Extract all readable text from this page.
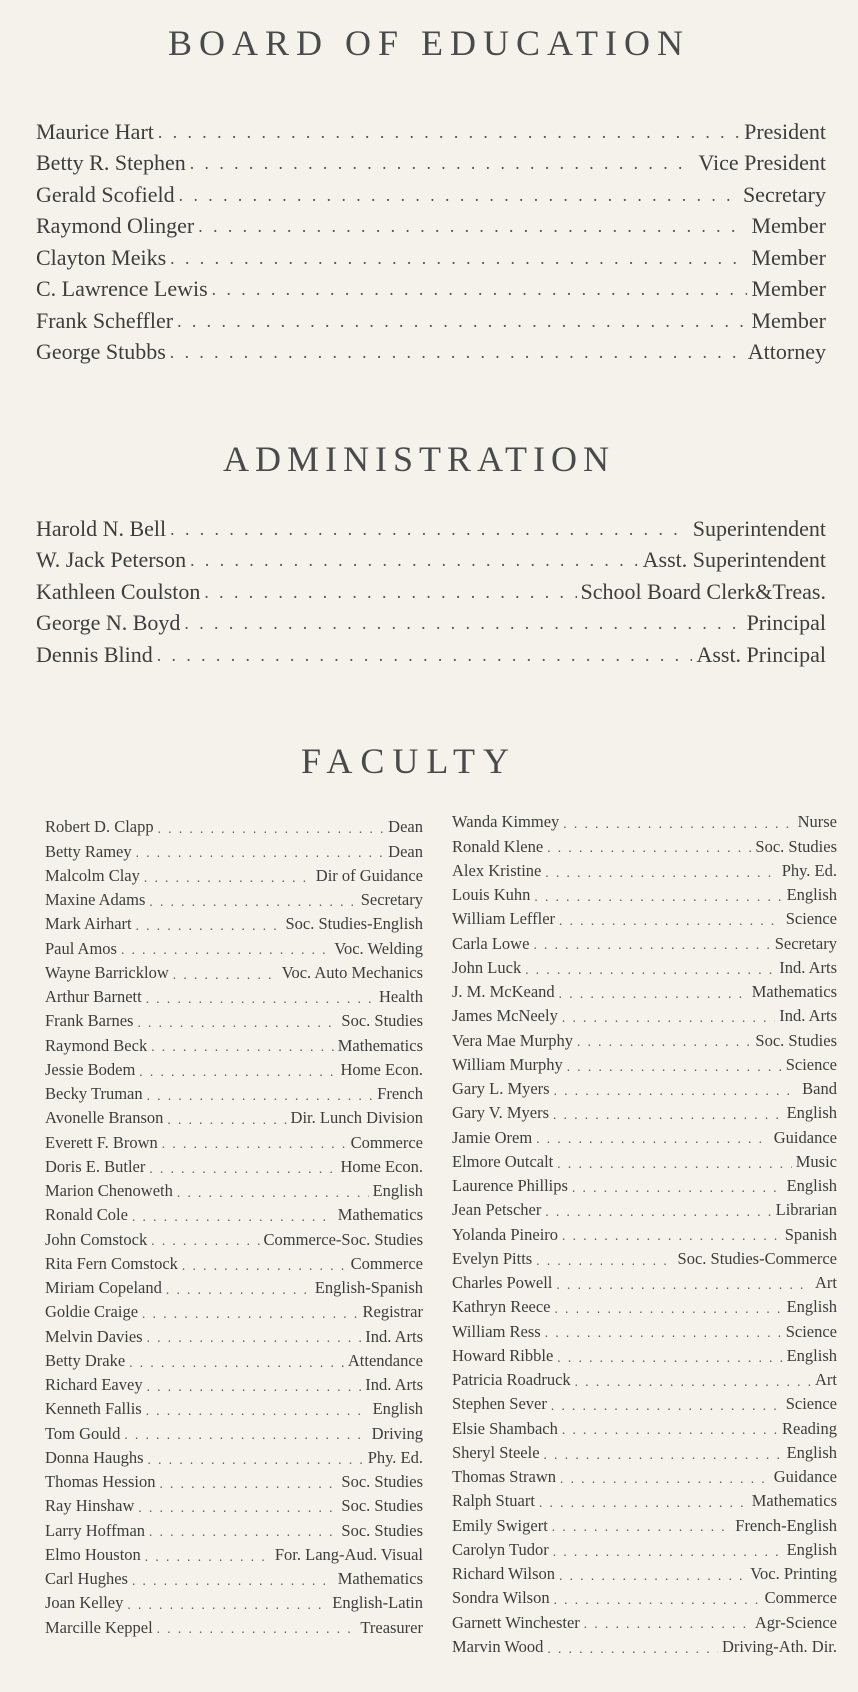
BOARD OF EDUCATION
Maurice Hart . . .	President
Betty R. Stephen . . .	Vice President
Gerald Scofield . . .	Secretary
Raymond Olinger . . .	Member
Clayton Meiks . . .	Member
C. Lawrence Lewis . . .	Member
Frank Scheffler . . .	Member
George Stubbs . . .	Attorney
ADMINISTRATION
Harold N. Bell . . .	Superintendent
W. Jack Peterson . . .	Asst. Superintendent
Kathleen Coulston . . .	School Board Clerk&Treas.
George N. Boyd . . .	Principal
Dennis Blind . . .	Asst. Principal
FACULTY
Robert D. Clapp . . .	Dean
Betty Ramey . . .	Dean
Malcolm Clay . . .	Dir of Guidance
Maxine Adams . . .	Secretary
Mark Airhart . . .	Soc. Studies-English
Paul Amos . . .	Voc. Welding
Wayne Barricklow . . .	Voc. Auto Mechanics
Arthur Barnett . . .	Health
Frank Barnes . . .	Soc. Studies
Raymond Beck . . .	Mathematics
Jessie Bodem . . .	Home Econ.
Becky Truman . . .	French
Avonelle Branson . . .	Dir. Lunch Division
Everett F. Brown . . .	Commerce
Doris E. Butler . . .	Home Econ.
Marion Chenoweth . . .	English
Ronald Cole . . .	Mathematics
John Comstock . . .	Commerce-Soc. Studies
Rita Fern Comstock . . .	Commerce
Miriam Copeland . . .	English-Spanish
Goldie Craige . . .	Registrar
Melvin Davies . . .	Ind. Arts
Betty Drake . . .	Attendance
Richard Eavey . . .	Ind. Arts
Kenneth Fallis . . .	English
Tom Gould . . .	Driving
Donna Haughs . . .	Phy. Ed.
Thomas Hession . . .	Soc. Studies
Ray Hinshaw . . .	Soc. Studies
Larry Hoffman . . .	Soc. Studies
Elmo Houston . . .	For. Lang-Aud. Visual
Carl Hughes . . .	Mathematics
Joan Kelley . . .	English-Latin
Marcille Keppel . . .	Treasurer
Wanda Kimmey . . .	Nurse
Ronald Klene . . .	Soc. Studies
Alex Kristine . . .	Phy. Ed.
Louis Kuhn . . .	English
William Leffler . . .	Science
Carla Lowe . . .	Secretary
John Luck . . .	Ind. Arts
J. M. McKeand . . .	Mathematics
James McNeely . . .	Ind. Arts
Vera Mae Murphy . . .	Soc. Studies
William Murphy . . .	Science
Gary L. Myers . . .	Band
Gary V. Myers . . .	English
Jamie Orem . . .	Guidance
Elmore Outcalt . . .	Music
Laurence Phillips . . .	English
Jean Petscher . . .	Librarian
Yolanda Pineiro . . .	Spanish
Evelyn Pitts . . .	Soc. Studies-Commerce
Charles Powell . . .	Art
Kathryn Reece . . .	English
William Ress . . .	Science
Howard Ribble . . .	English
Patricia Roadruck . . .	Art
Stephen Sever . . .	Science
Elsie Shambach . . .	Reading
Sheryl Steele . . .	English
Thomas Strawn . . .	Guidance
Ralph Stuart . . .	Mathematics
Emily Swigert . . .	French-English
Carolyn Tudor . . .	English
Richard Wilson . . .	Voc. Printing
Sondra Wilson . . .	Commerce
Garnett Winchester . . .	Agr-Science
Marvin Wood . . .	Driving-Ath. Dir.
